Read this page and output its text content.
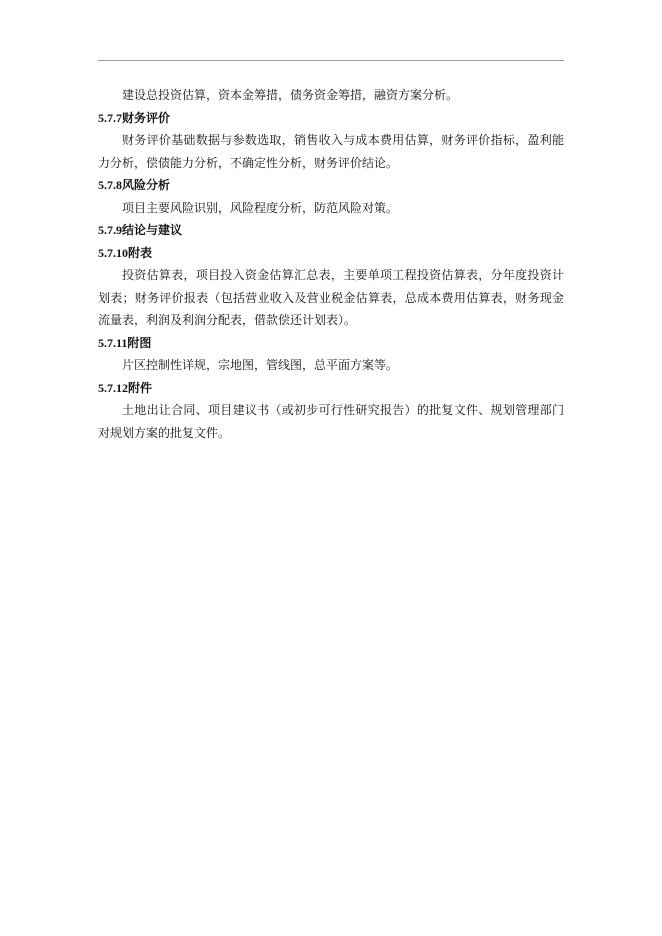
建设总投资估算，资本金筹措，债务资金筹措，融资方案分析。

5.7.7财务评价

财务评价基础数据与参数选取，销售收入与成本费用估算，财务评价指标，盈利能力分析，偿债能力分析，不确定性分析，财务评价结论。

5.7.8风险分析

项目主要风险识别，风险程度分析，防范风险对策。

5.7.9结论与建议

5.7.10附表

投资估算表，项目投入资金估算汇总表，主要单项工程投资估算表，分年度投资计划表；财务评价报表（包括营业收入及营业税金估算表，总成本费用估算表，财务现金流量表，利润及利润分配表，借款偿还计划表）。

5.7.11附图

片区控制性详规，宗地图，管线图，总平面方案等。

5.7.12附件

土地出让合同、项目建议书（或初步可行性研究报告）的批复文件、规划管理部门对规划方案的批复文件。
